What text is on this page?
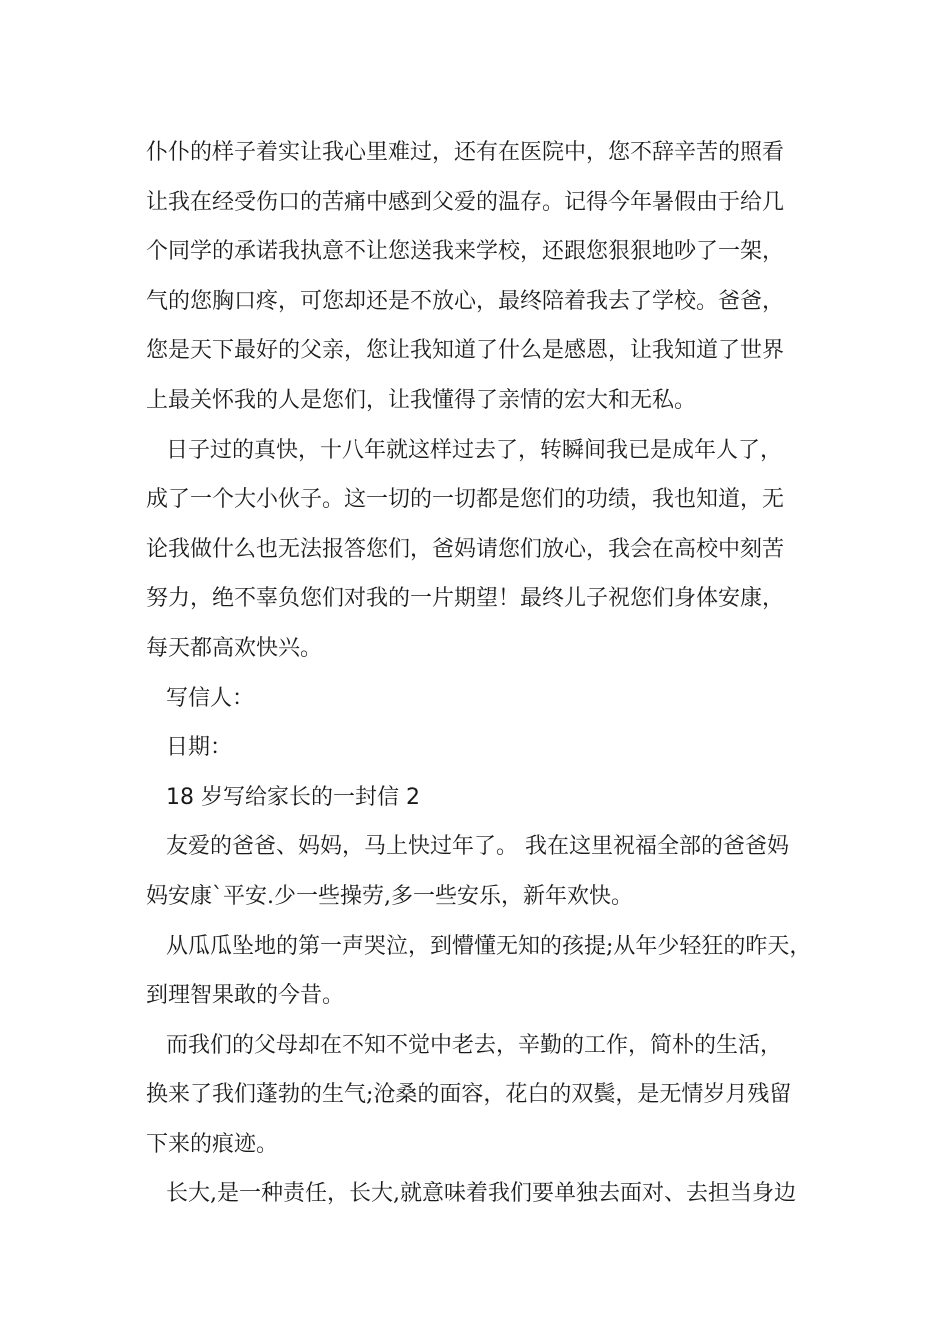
仆仆的样子着实让我心里难过，还有在医院中，您不辞辛苦的照看
让我在经受伤口的苦痛中感到父爱的温存。记得今年暑假由于给几
个同学的承诺我执意不让您送我来学校，还跟您狠狠地吵了一架，
气的您胸口疼，可您却还是不放心，最终陪着我去了学校。爸爸，
您是天下最好的父亲，您让我知道了什么是感恩，让我知道了世界
上最关怀我的人是您们，让我懂得了亲情的宏大和无私。
日子过的真快，十八年就这样过去了，转瞬间我已是成年人了，
成了一个大小伙子。这一切的一切都是您们的功绩，我也知道，无
论我做什么也无法报答您们，爸妈请您们放心，我会在高校中刻苦
努力，绝不辜负您们对我的一片期望！最终儿子祝您们身体安康，
每天都高欢快兴。
写信人：
日期：
18 岁写给家长的一封信 2
友爱的爸爸、妈妈，马上快过年了。 我在这里祝福全部的爸爸妈
妈安康`平安.少一些操劳,多一些安乐，新年欢快。
从瓜瓜坠地的第一声哭泣，到懵懂无知的孩提;从年少轻狂的昨天，
到理智果敢的今昔。
而我们的父母却在不知不觉中老去，辛勤的工作，简朴的生活，
换来了我们蓬勃的生气;沧桑的面容，花白的双鬓，是无情岁月残留
下来的痕迹。
长大,是一种责任，长大,就意味着我们要单独去面对、去担当身边
